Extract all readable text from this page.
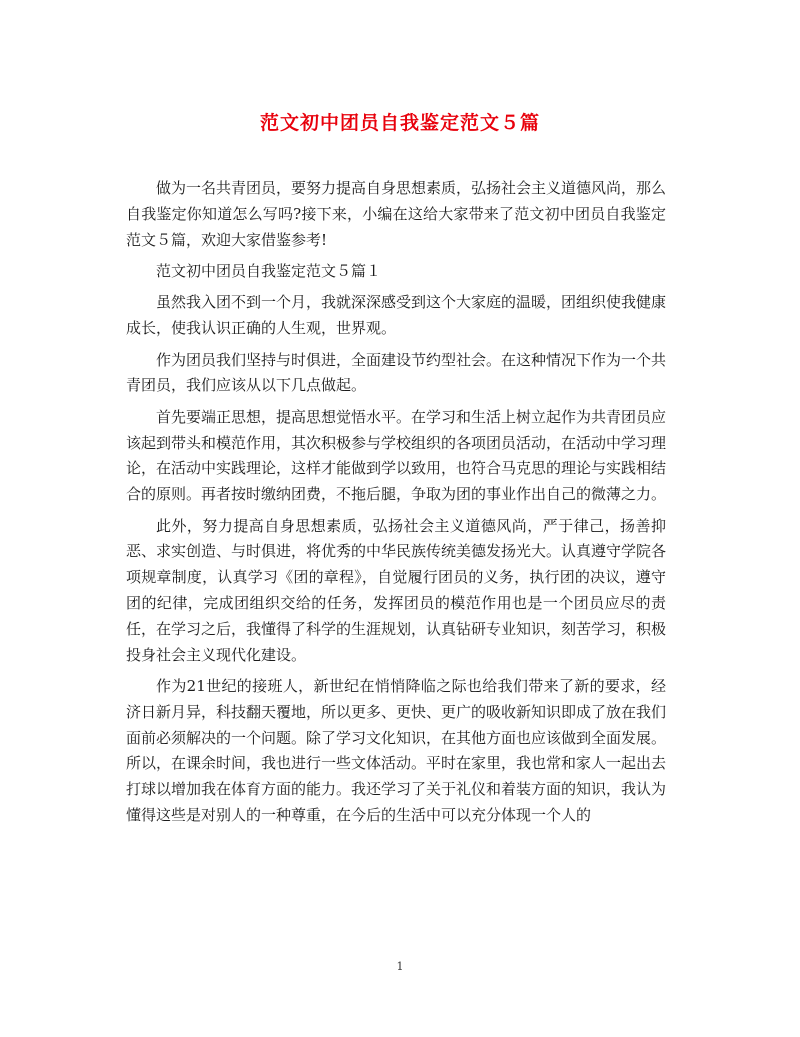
范文初中团员自我鉴定范文５篇

做为一名共青团员，要努力提高自身思想素质，弘扬社会主义道德风尚，那么自我鉴定你知道怎么写吗?接下来，小编在这给大家带来了范文初中团员自我鉴定范文５篇，欢迎大家借鉴参考!

范文初中团员自我鉴定范文５篇１

虽然我入团不到一个月，我就深深感受到这个大家庭的温暖，团组织使我健康成长，使我认识正确的人生观，世界观。

作为团员我们坚持与时俱进，全面建设节约型社会。在这种情况下作为一个共青团员，我们应该从以下几点做起。

首先要端正思想，提高思想觉悟水平。在学习和生活上树立起作为共青团员应该起到带头和模范作用，其次积极参与学校组织的各项团员活动，在活动中学习理论，在活动中实践理论，这样才能做到学以致用，也符合马克思的理论与实践相结合的原则。再者按时缴纳团费，不拖后腿，争取为团的事业作出自己的微薄之力。

此外，努力提高自身思想素质，弘扬社会主义道德风尚，严于律己，扬善抑恶、求实创造、与时俱进，将优秀的中华民族传统美德发扬光大。认真遵守学院各项规章制度，认真学习《团的章程》，自觉履行团员的义务，执行团的决议，遵守团的纪律，完成团组织交给的任务，发挥团员的模范作用也是一个团员应尽的责任，在学习之后，我懂得了科学的生涯规划，认真钻研专业知识，刻苦学习，积极投身社会主义现代化建设。

作为21世纪的接班人，新世纪在悄悄降临之际也给我们带来了新的要求，经济日新月异，科技翻天覆地，所以更多、更快、更广的吸收新知识即成了放在我们面前必须解决的一个问题。除了学习文化知识，在其他方面也应该做到全面发展。所以，在课余时间，我也进行一些文体活动。平时在家里，我也常和家人一起出去打球以增加我在体育方面的能力。我还学习了关于礼仪和着装方面的知识，我认为懂得这些是对别人的一种尊重，在今后的生活中可以充分体现一个人的

1
